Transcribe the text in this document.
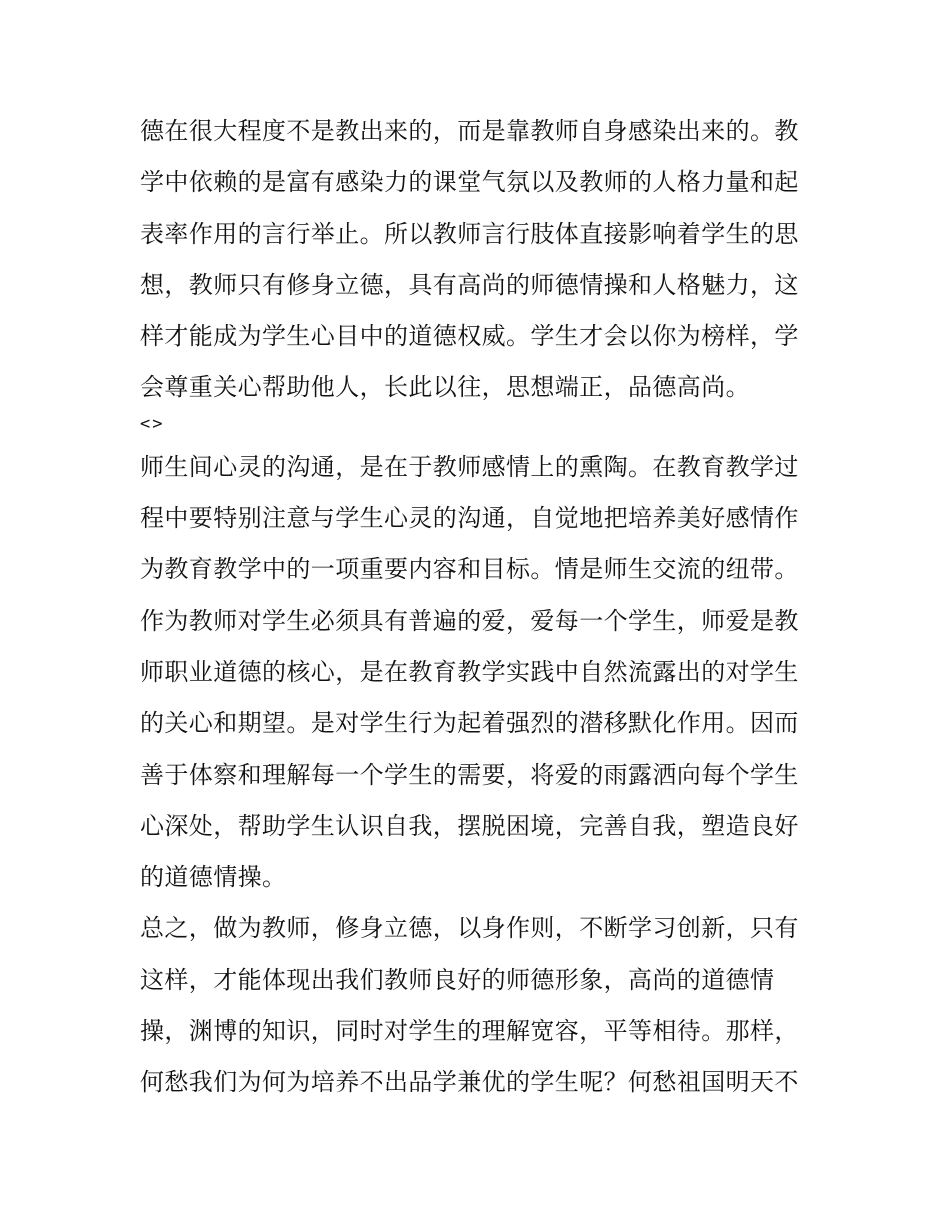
德在很大程度不是教出来的，而是靠教师自身感染出来的。教
学中依赖的是富有感染力的课堂气氛以及教师的人格力量和起
表率作用的言行举止。所以教师言行肢体直接影响着学生的思
想，教师只有修身立德，具有高尚的师德情操和人格魅力，这
样才能成为学生心目中的道德权威。学生才会以你为榜样，学
会尊重关心帮助他人，长此以往，思想端正，品德高尚。
<>
师生间心灵的沟通，是在于教师感情上的熏陶。在教育教学过
程中要特别注意与学生心灵的沟通，自觉地把培养美好感情作
为教育教学中的一项重要内容和目标。情是师生交流的纽带。
作为教师对学生必须具有普遍的爱，爱每一个学生，师爱是教
师职业道德的核心，是在教育教学实践中自然流露出的对学生
的关心和期望。是对学生行为起着强烈的潜移默化作用。因而
善于体察和理解每一个学生的需要，将爱的雨露洒向每个学生
心深处，帮助学生认识自我，摆脱困境，完善自我，塑造良好
的道德情操。
总之，做为教师，修身立德，以身作则，不断学习创新，只有
这样，才能体现出我们教师良好的师德形象，高尚的道德情
操，渊博的知识，同时对学生的理解宽容，平等相待。那样，
何愁我们为何为培养不出品学兼优的学生呢？何愁祖国明天不
